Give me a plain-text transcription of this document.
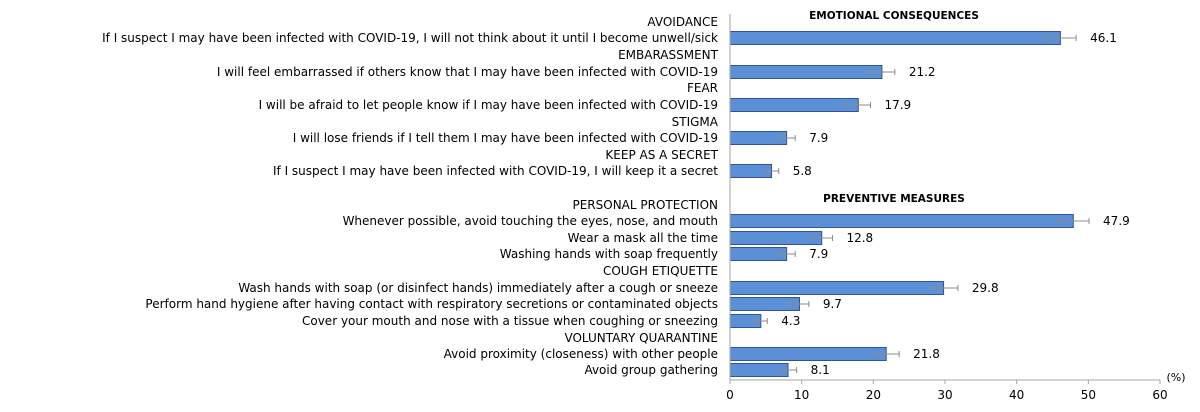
EMOTIONAL CONSEQUENCES
AVOIDANCE
If I suspect I may have been infected with COVID-19, I will not think about it until I become unwell/sick	46.1
EMBARASSMENT
I will feel embarrassed if others know that I may have been infected with COVID-19	21.2
FEAR
I will be afraid to let people know if I may have been infected with COVID-19	17.9
STIGMA
I will lose friends if I tell them I may have been infected with COVID-19	7.9
KEEP AS A SECRET
If I suspect I may have been infected with COVID-19, I will keep it a secret	5.8
PREVENTIVE MEASURES
PERSONAL PROTECTION
Whenever possible, avoid touching the eyes, nose, and mouth	47.9
Wear a mask all the time	12.8
Washing hands with soap frequently	7.9
COUGH ETIQUETTE
Wash hands with soap (or disinfect hands) immediately after a cough or sneeze	29.8
Perform hand hygiene after having contact with respiratory secretions or contaminated objects	9.7
Cover your mouth and nose with a tissue when coughing or sneezing	4.3
VOLUNTARY QUARANTINE
Avoid proximity (closeness) with other people	21.8
Avoid group gathering	8.1
(%)
0	10	20	30	40	50	60
